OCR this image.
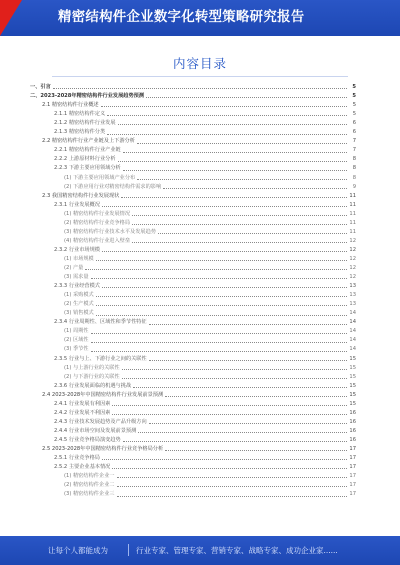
精密结构件企业数字化转型策略研究报告
内容目录
一、引言	5
二、2023-2028年精密结构件行业发展趋势预测	5
2.1 精密结构件行业概述	5
2.1.1 精密结构件定义	5
2.1.2 精密结构件行业发展	6
2.1.3 精密结构件分类	6
2.2 精密结构件行业产业链及上下游分析	7
2.2.1 精密结构件行业产业链	7
2.2.2 上游原材料行业分析	8
2.2.3 下游主要应用领域分析	8
(1) 下游主要应用领域产业分布	8
(2) 下游应用行业对精密结构件需求的影响	9
2.3 我国精密结构件行业发展现状	11
2.3.1 行业发展概况	11
(1) 精密结构件行业发展情况	11
(2) 精密结构件行业竞争格局	11
(3) 精密结构件行业技术水平及发展趋势	11
(4) 精密结构件行业进入壁垒	12
2.3.2 行业市场规模	12
(1) 市场规模	12
(2) 产量	12
(3) 需求量	12
2.3.3 行业经营模式	13
(1) 采购模式	13
(2) 生产模式	13
(3) 销售模式	14
2.3.4 行业周期性、区域性和季节性特征	14
(1) 周期性	14
(2) 区域性	14
(3) 季节性	14
2.3.5 行业与上、下游行业之间的关联性	15
(1) 与上游行业的关联性	15
(2) 与下游行业的关联性	15
2.3.6 行业发展面临的机遇与挑战	15
2.4 2023-2028年中国精密结构件行业发展前景预测	15
2.4.1 行业发展有利因素	15
2.4.2 行业发展不利因素	16
2.4.3 行业技术发展趋势及产品升级方向	16
2.4.4 行业市场空间及发展前景预测	16
2.4.5 行业竞争格局演变趋势	16
2.5 2023-2028年中国精密结构件行业竞争格局分析	17
2.5.1 行业竞争格局	17
2.5.2 主要企业基本情况	17
(1) 精密结构件企业一	17
(2) 精密结构件企业二	17
(3) 精密结构件企业三	17
让每个人都能成为	行业专家、管理专家、营销专家、战略专家、成功企业家......
